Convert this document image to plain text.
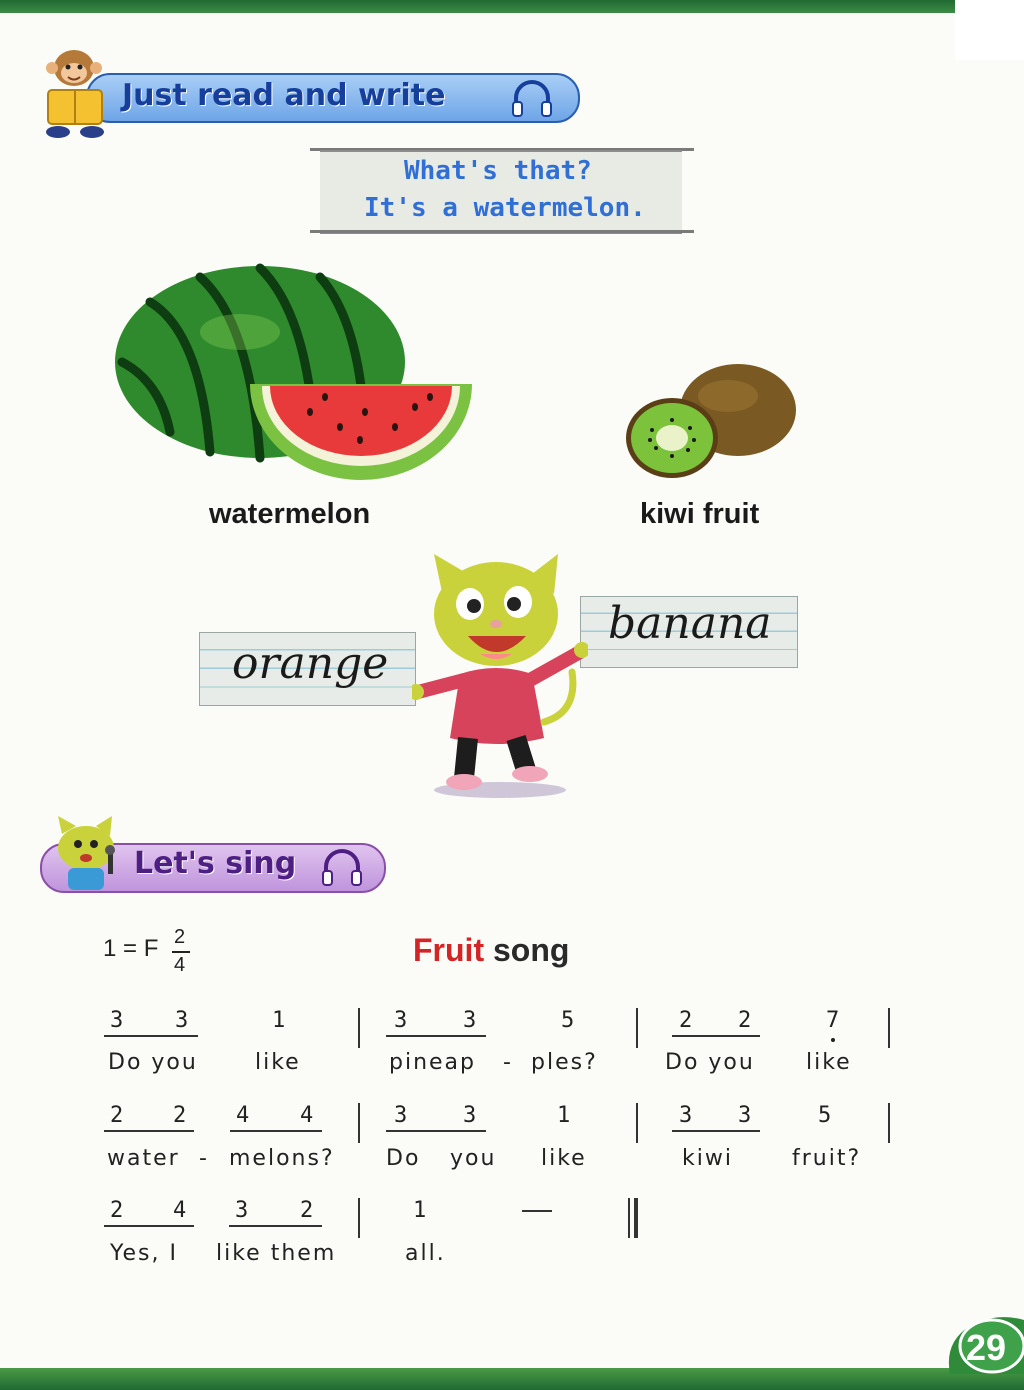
Just read and write
What's that?
It's a watermelon.
watermelon	kiwi fruit
orange
banana
Let's sing
1 = F 2
4	Fruit song
3 3	1	3 3	5	2 2	7
Do you	like	pineap - ples?	Do you like
2 2 4 4	3 3	1	3 3	5
water - melons? Do you like	kiwi	fruit?
2 4 3 2	1
Yes, I like them	all.
29
